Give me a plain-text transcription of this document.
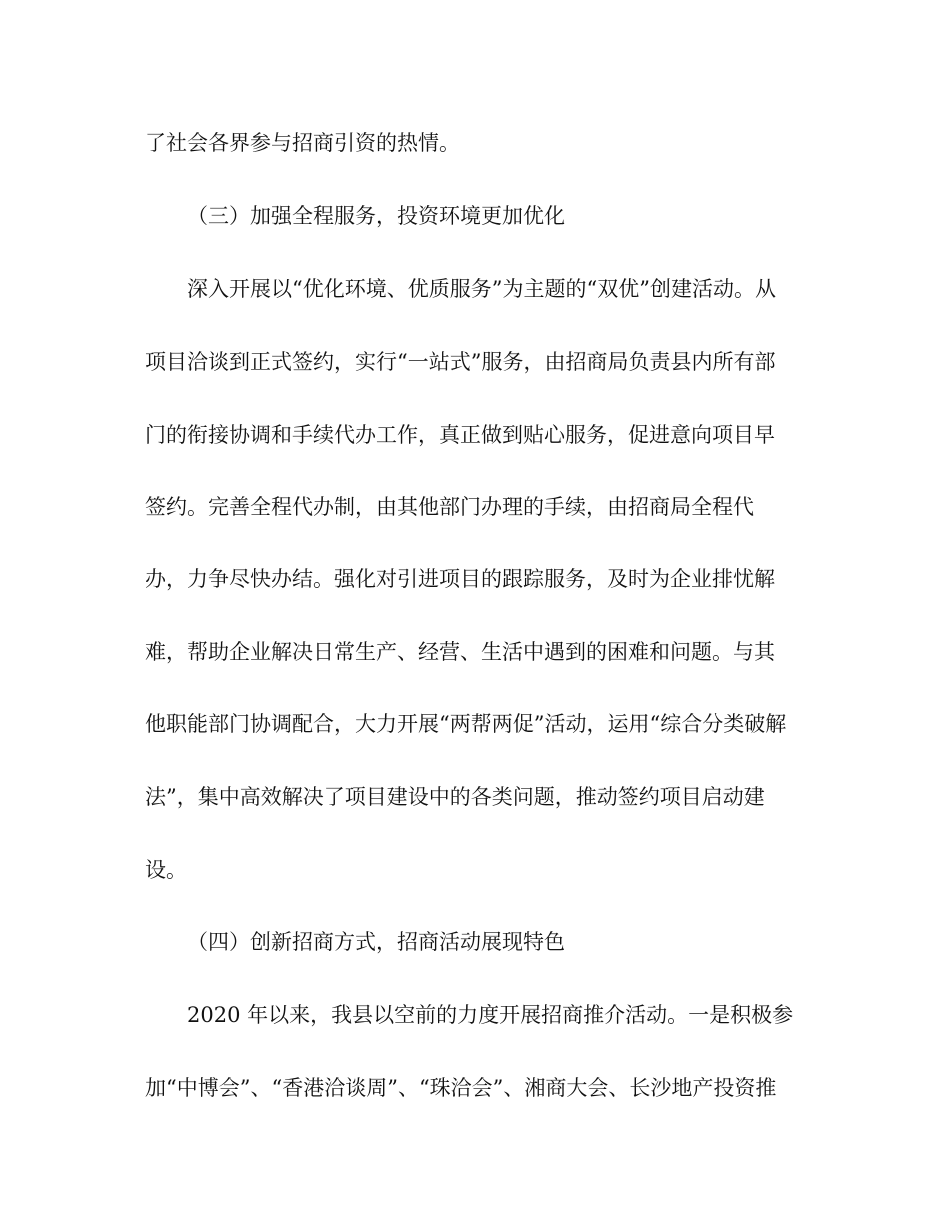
了社会各界参与招商引资的热情。
（三）加强全程服务，投资环境更加优化
深入开展以“优化环境、优质服务”为主题的“双优”创建活动。从
项目洽谈到正式签约，实行“一站式”服务，由招商局负责县内所有部
门的衔接协调和手续代办工作，真正做到贴心服务，促进意向项目早
签约。完善全程代办制，由其他部门办理的手续，由招商局全程代
办，力争尽快办结。强化对引进项目的跟踪服务，及时为企业排忧解
难，帮助企业解决日常生产、经营、生活中遇到的困难和问题。与其
他职能部门协调配合，大力开展“两帮两促”活动，运用“综合分类破解
法”，集中高效解决了项目建设中的各类问题，推动签约项目启动建
设。
（四）创新招商方式，招商活动展现特色
2020 年以来，我县以空前的力度开展招商推介活动。一是积极参
加“中博会”、“香港洽谈周”、“珠洽会”、湘商大会、长沙地产投资推
